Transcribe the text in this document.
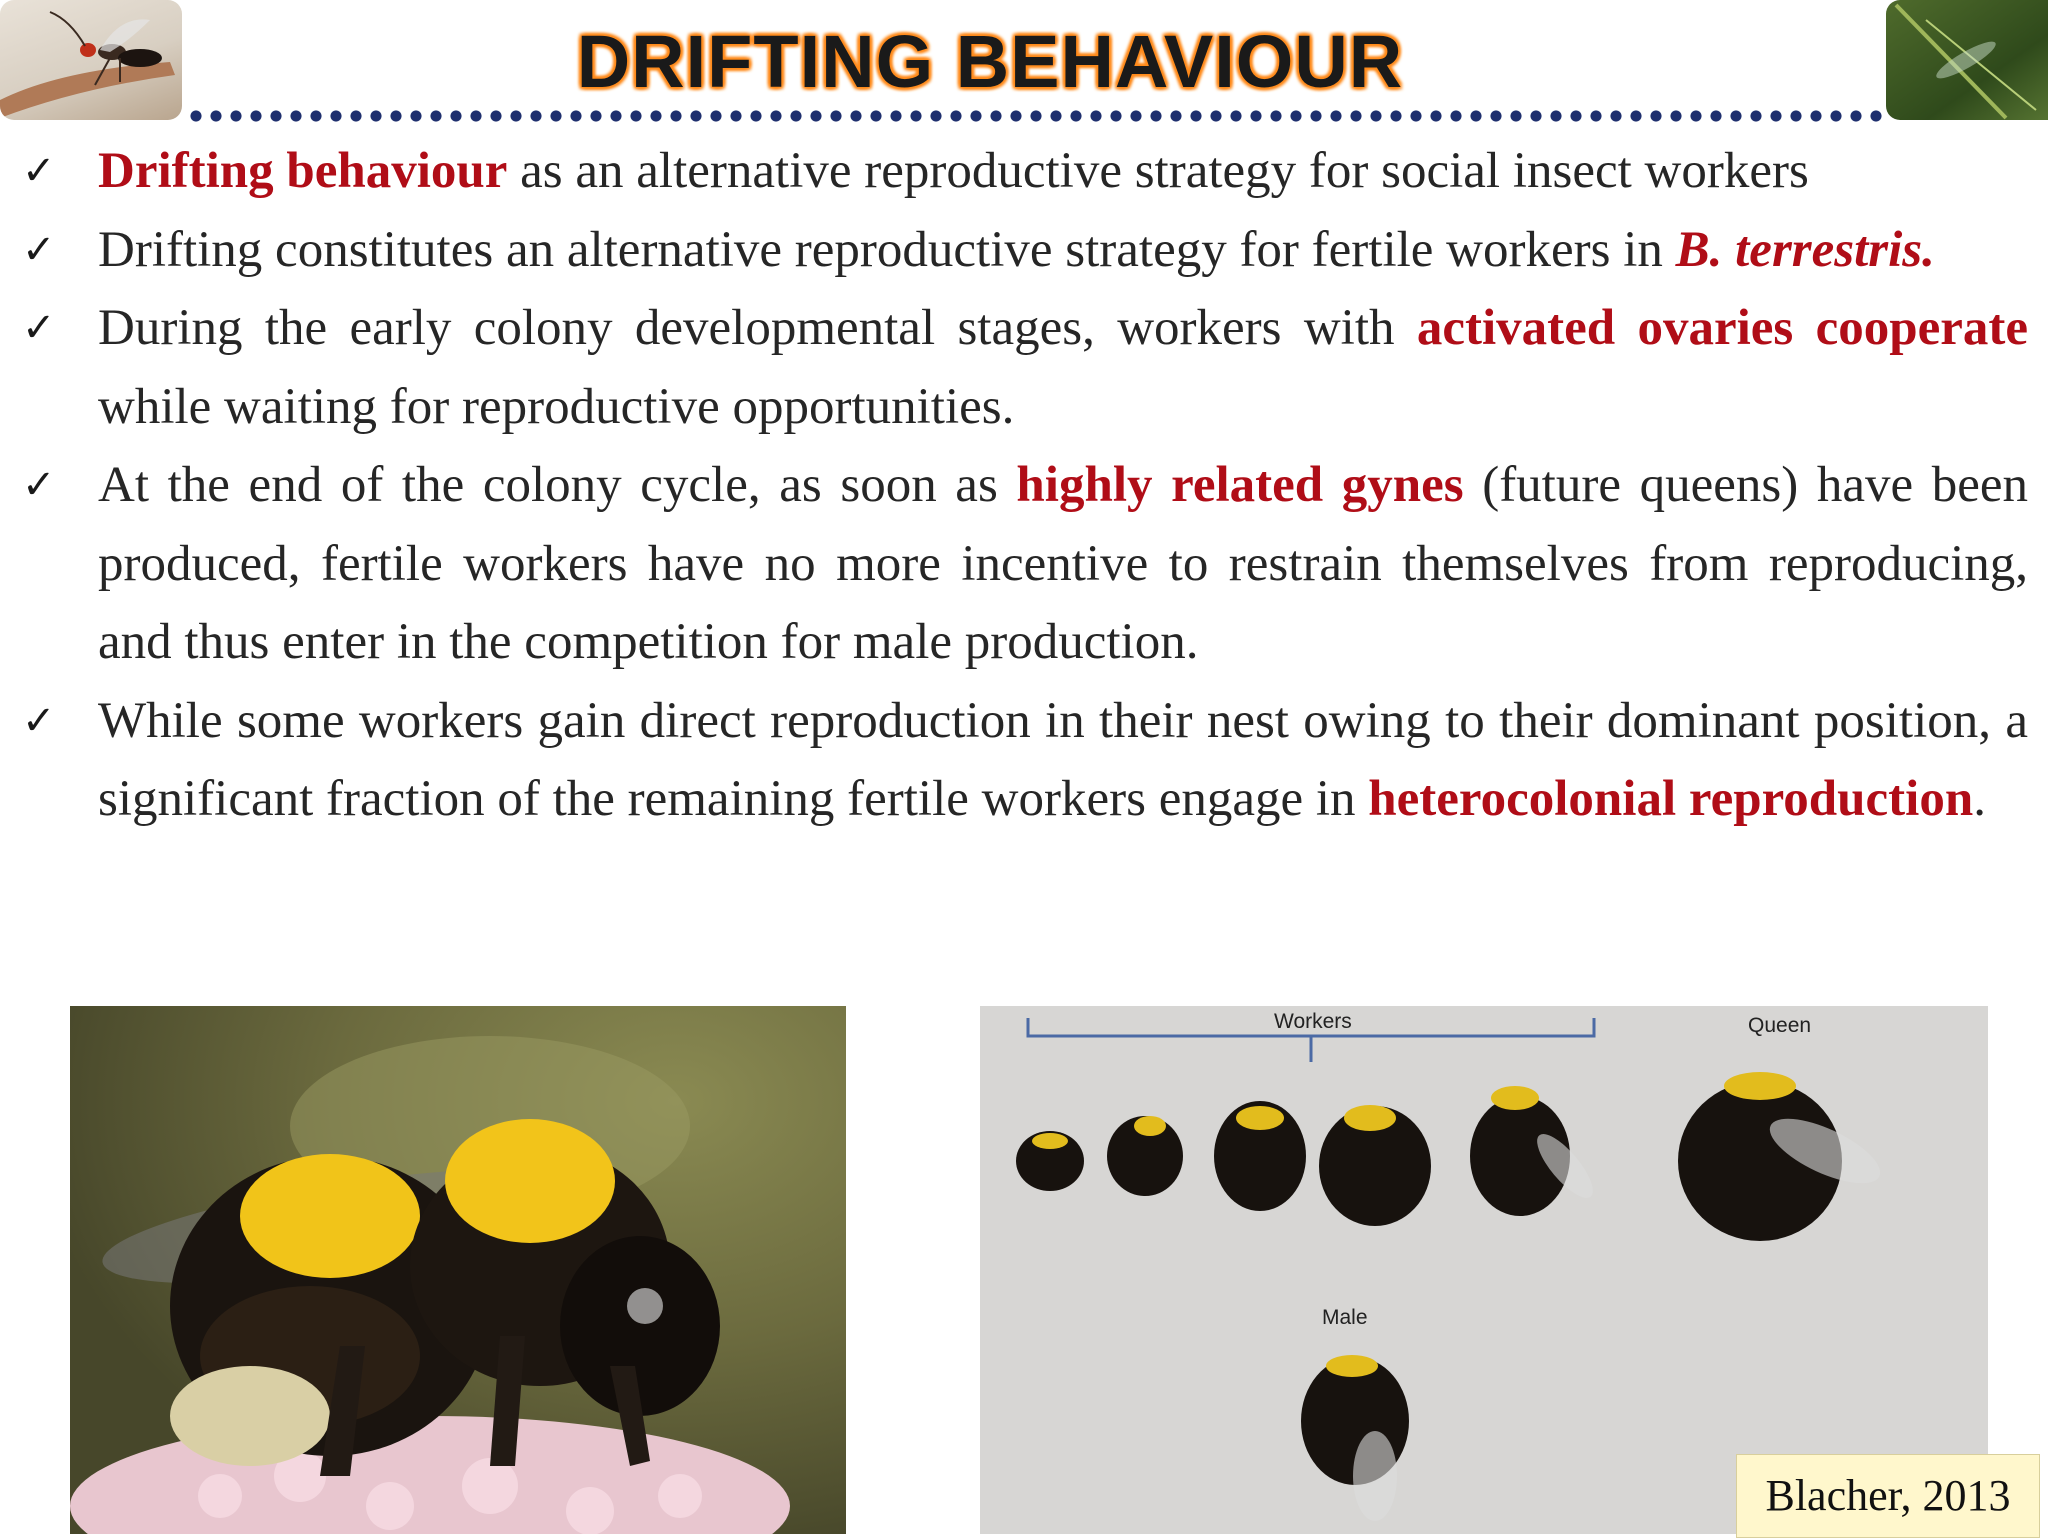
DRIFTING BEHAVIOUR
✓ Drifting behaviour as an alternative reproductive strategy for social insect workers
✓ Drifting constitutes an alternative reproductive strategy for fertile workers in B. terrestris.
✓ During the early colony developmental stages, workers with activated ovaries cooperate while waiting for reproductive opportunities.
✓ At the end of the colony cycle, as soon as highly related gynes (future queens) have been produced, fertile workers have no more incentive to restrain themselves from reproducing, and thus enter in the competition for male production.
✓ While some workers gain direct reproduction in their nest owing to their dominant position, a significant fraction of the remaining fertile workers engage in heterocolonial reproduction.
Workers	Queen
Male
Blacher, 2013
